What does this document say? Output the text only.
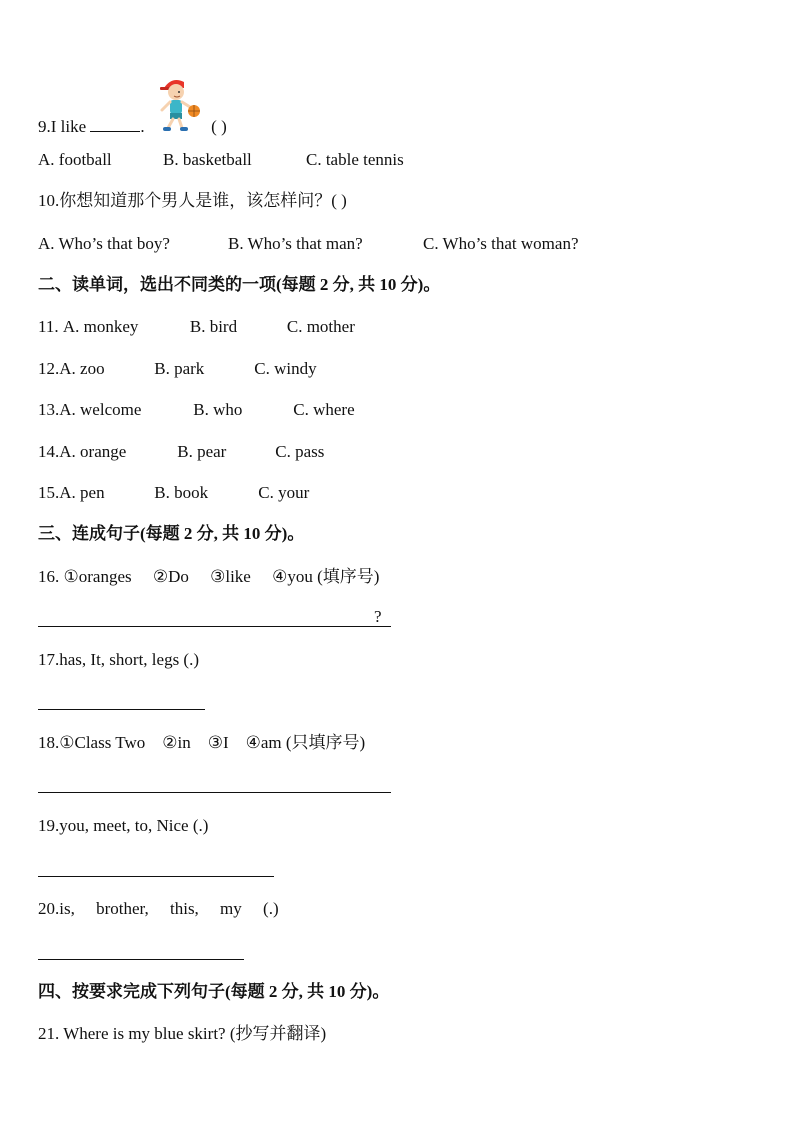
9.I like	.	( )
A. football	B. basketball	C. table tennis
10.你想知道那个男人是谁，该怎样问？( )
A. Who’s that boy?	B. Who’s that man?	C. Who’s that woman?
二、读单词，选出不同类的一项(每题 2 分, 共 10 分)。
11. A. monkey	B. bird	C. mother
12.A. zoo	B. park	C. windy
13.A. welcome	B. who	C. where
14.A. orange	B. pear	C. pass
15.A. pen	B. book	C. your
三、连成句子(每题 2 分, 共 10 分)。
16. ①oranges     ②Do     ③like     ④you (填序号)
?
17.has, It, short, legs (.)
18.①Class Two    ②in    ③I    ④am (只填序号)
19.you, meet, to, Nice (.)
20.is,     brother,     this,     my     (.)
四、按要求完成下列句子(每题 2 分, 共 10 分)。
21. Where is my blue skirt? (抄写并翻译)
